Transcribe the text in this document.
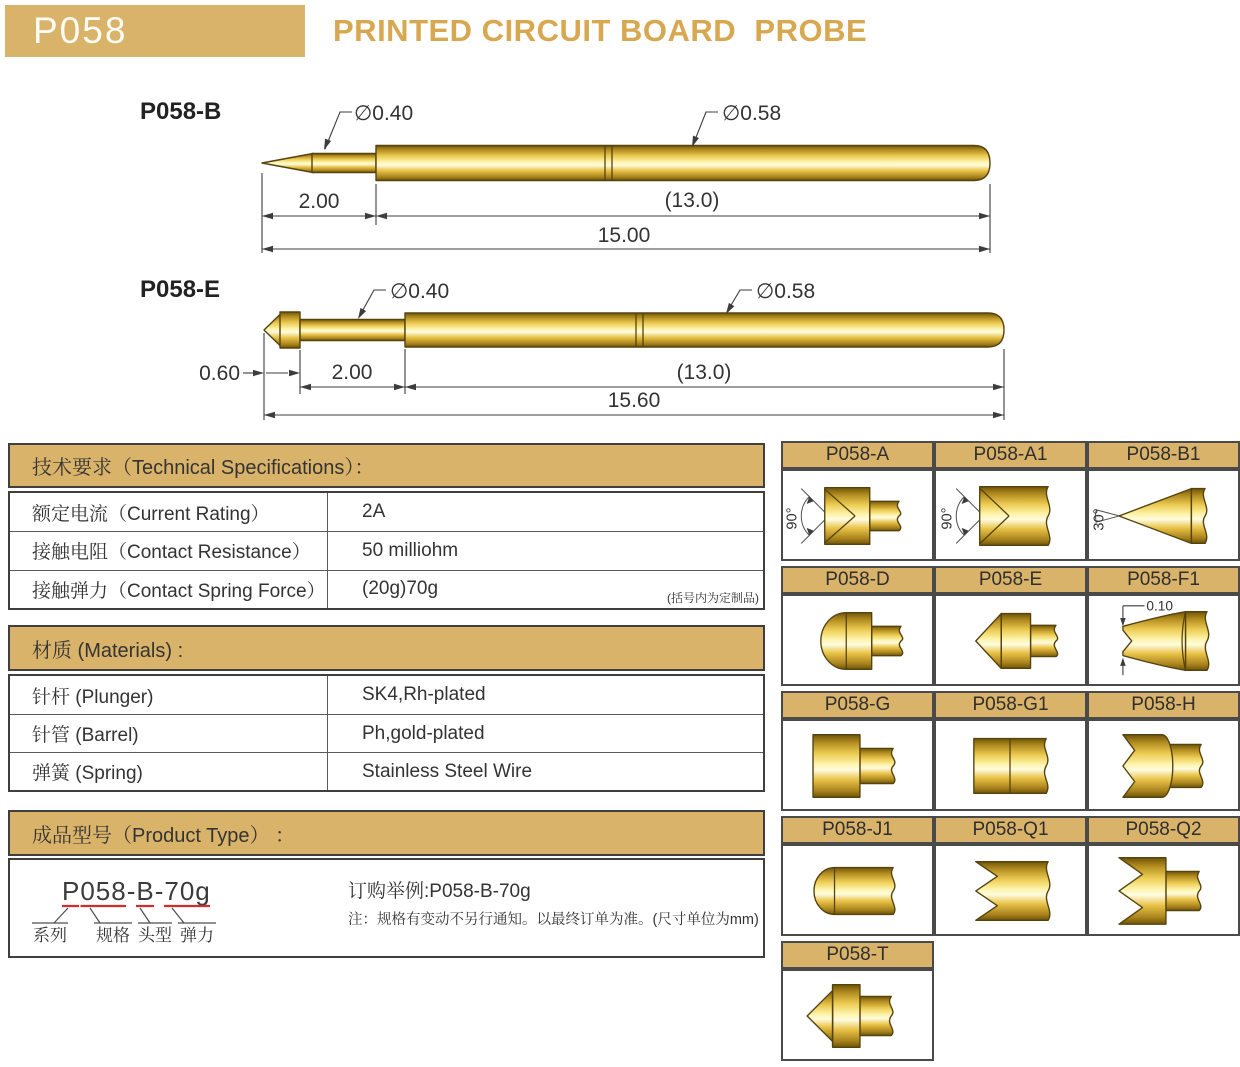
P058	PRINTED CIRCUIT BOARD  PROBE
P058-B	∅0.40	∅0.58
2.00	(13.0)
15.00
P058-E	∅0.40	∅0.58
0.60	2.00	(13.0)
15.60
技术要求（Technical Specifications）：
额定电流（Current Rating）	2A
接触电阻（Contact Resistance）	50 milliohm
接触弹力（Contact Spring Force）	(20g)70g	(括号内为定制品)
材质 (Materials) :
针杆 (Plunger)	SK4,Rh-plated
针管 (Barrel)	Ph,gold-plated
弹簧 (Spring)	Stainless Steel Wire
成品型号（Product Type） ：
P058-B-70g
系列 规格 头型 弹力
订购举例:P058-B-70g
注：规格有变动不另行通知。以最终订单为准。(尺寸单位为mm)
P058-A	P058-A1	P058-B1
90°	90°	30°
P058-D	P058-E	P058-F1
0.10
P058-G	P058-G1	P058-H
P058-J1	P058-Q1	P058-Q2
P058-T
